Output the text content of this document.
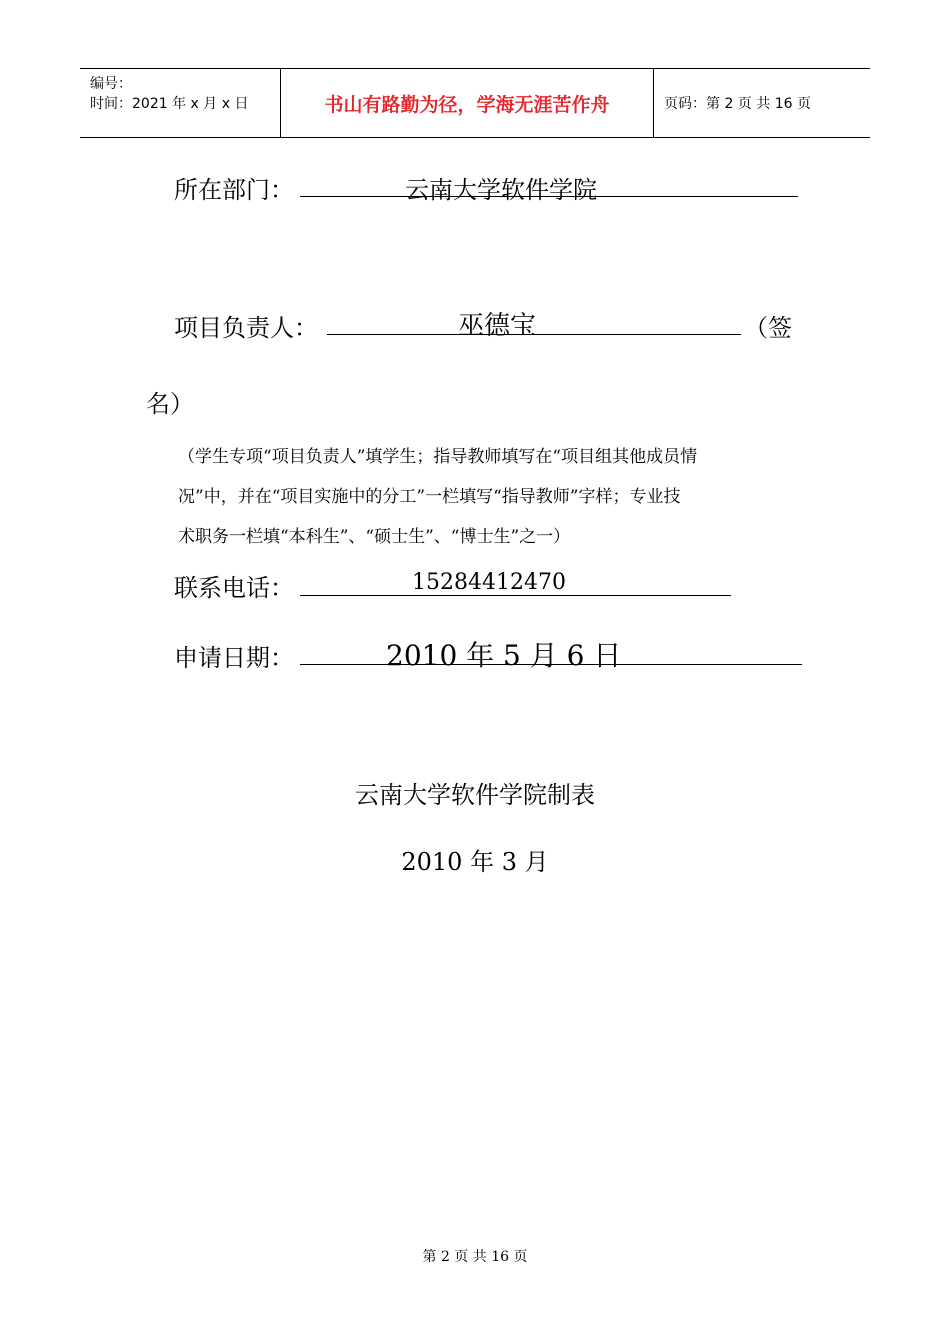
编号：
时间：2021 年 x 月 x 日	书山有路勤为径，学海无涯苦作舟	页码：第 2 页 共 16 页
所在部门：	云南大学软件学院
项目负责人：	巫德宝	（签
名）
（学生专项“项目负责人”填学生；指导教师填写在“项目组其他成员情
况”中，并在“项目实施中的分工”一栏填写“指导教师”字样；专业技
术职务一栏填“本科生”、“硕士生”、“博士生”之一）
联系电话：	15284412470
申请日期：	2010 年 5 月 6 日
云南大学软件学院制表
2010 年 3 月
第 2 页 共 16 页
